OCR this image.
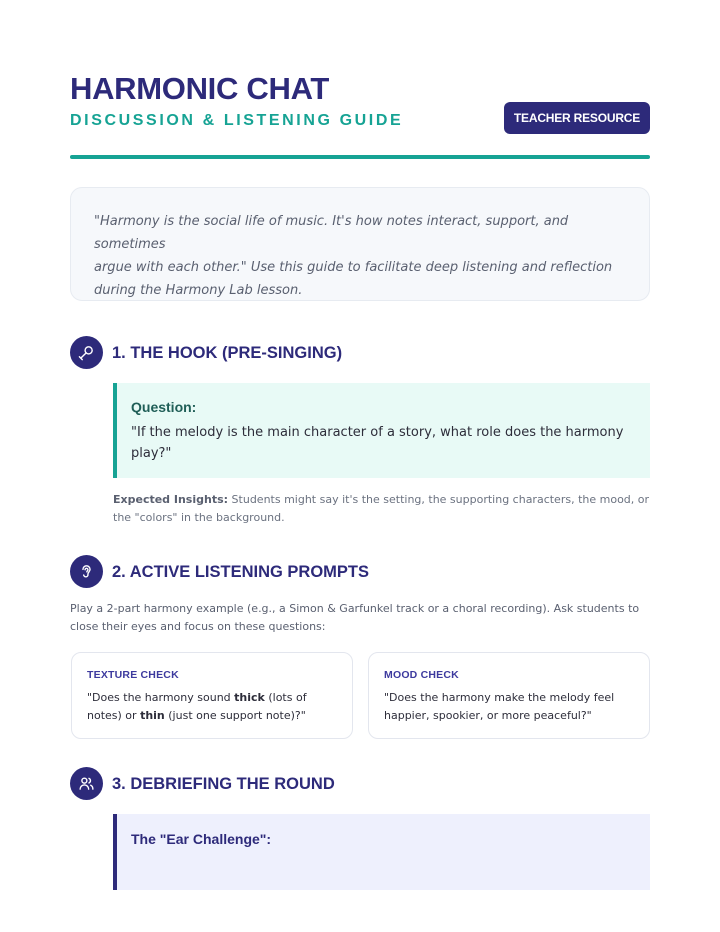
HARMONIC CHAT
DISCUSSION & LISTENING GUIDE	TEACHER RESOURCE

"Harmony is the social life of music. It's how notes interact, support, and sometimes

argue with each other." Use this guide to facilitate deep listening and reflection

during the Harmony Lab lesson.

1. THE HOOK (PRE-SINGING)
Question:
"If the melody is the main character of a story, what role does the harmony
play?"
Expected Insights: Students might say it's the setting, the supporting characters, the mood, or
the "colors" in the background.
2. ACTIVE LISTENING PROMPTS
Play a 2-part harmony example (e.g., a Simon & Garfunkel track or a choral recording). Ask students to
close their eyes and focus on these questions:
TEXTURE CHECK
"Does the harmony sound thick (lots of
notes) or thin (just one support note)?"
MOOD CHECK
"Does the harmony make the melody feel
happier, spookier, or more peaceful?"
3. DEBRIEFING THE ROUND
The "Ear Challenge":
